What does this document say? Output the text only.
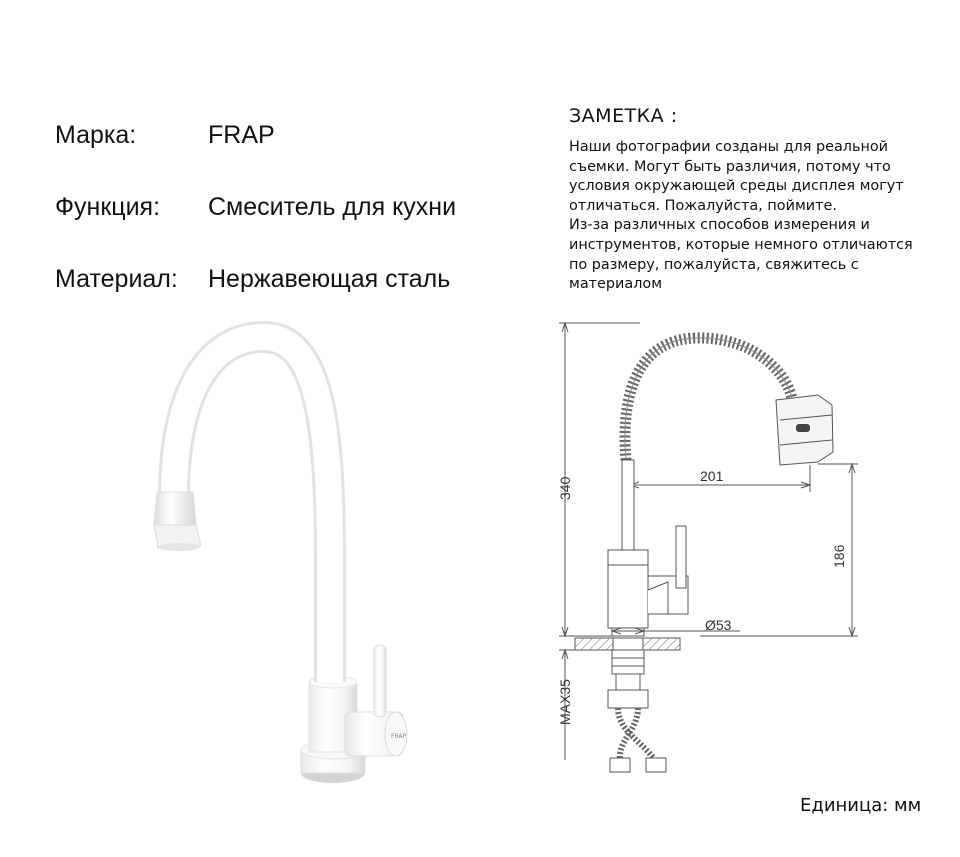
Марка:	FRAP
Функция: Смеситель для кухни
Материал: Нержавеющая сталь
ЗАМЕТКА :
Наши фотографии созданы для реальной
съемки. Могут быть различия, потому что
условия окружающей среды дисплея могут
отличаться. Пожалуйста, поймите.
Из-за различных способов измерения и
инструментов, которые немного отличаются
по размеру, пожалуйста, свяжитесь с
материалом
FRAP
340
201
186
Ø53
MAX35
Единица: мм
